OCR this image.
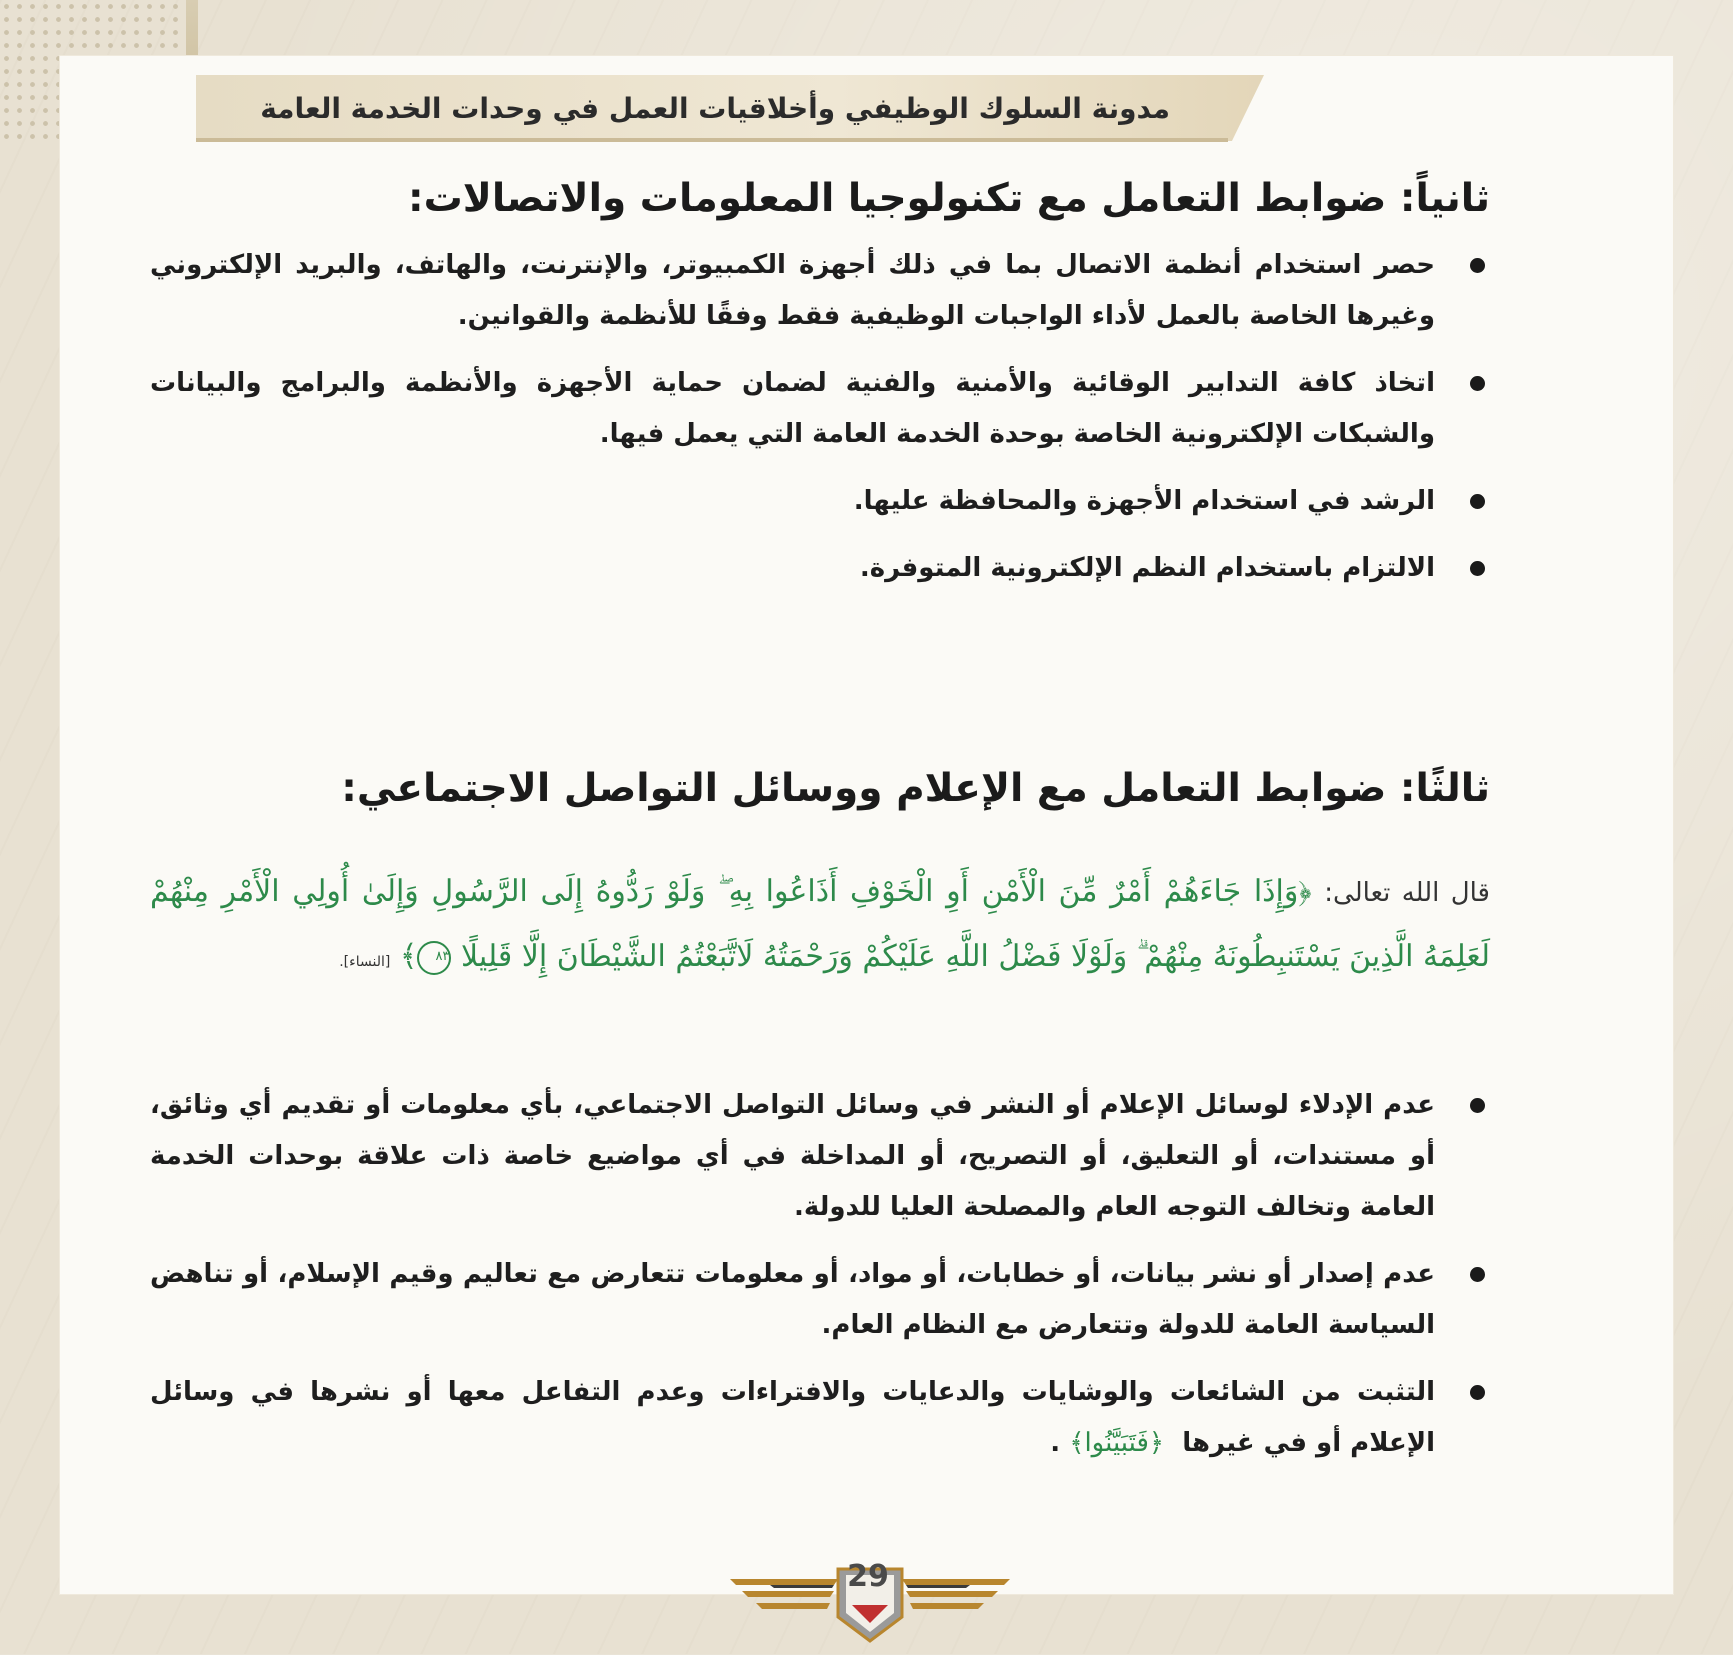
مدونة السلوك الوظيفي وأخلاقيات العمل في وحدات الخدمة العامة
ثانياً: ضوابط التعامل مع تكنولوجيا المعلومات والاتصالات:
حصر استخدام أنظمة الاتصال بما في ذلك أجهزة الكمبيوتر، والإنترنت، والهاتف، والبريد الإلكتروني وغيرها الخاصة بالعمل لأداء الواجبات الوظيفية فقط وفقًا للأنظمة والقوانين.
اتخاذ كافة التدابير الوقائية والأمنية والفنية لضمان حماية الأجهزة والأنظمة والبرامج والبيانات والشبكات الإلكترونية الخاصة بوحدة الخدمة العامة التي يعمل فيها.
الرشد في استخدام الأجهزة والمحافظة عليها.
الالتزام باستخدام النظم الإلكترونية المتوفرة.
ثالثًا: ضوابط التعامل مع الإعلام ووسائل التواصل الاجتماعي:
قال الله تعالى: ﴿وَإِذَا جَاءَهُمْ أَمْرٌ مِّنَ الْأَمْنِ أَوِ الْخَوْفِ أَذَاعُوا بِهِ ۖ وَلَوْ رَدُّوهُ إِلَى الرَّسُولِ وَإِلَىٰ أُولِي الْأَمْرِ مِنْهُمْ لَعَلِمَهُ الَّذِينَ يَسْتَنبِطُونَهُ مِنْهُمْ ۗ وَلَوْلَا فَضْلُ اللَّهِ عَلَيْكُمْ وَرَحْمَتُهُ لَاتَّبَعْتُمُ الشَّيْطَانَ إِلَّا قَلِيلًا ٨٣﴾ [النساء].
عدم الإدلاء لوسائل الإعلام أو النشر في وسائل التواصل الاجتماعي، بأي معلومات أو تقديم أي وثائق، أو مستندات، أو التعليق، أو التصريح، أو المداخلة في أي مواضيع خاصة ذات علاقة بوحدات الخدمة العامة وتخالف التوجه العام والمصلحة العليا للدولة.
عدم إصدار أو نشر بيانات، أو خطابات، أو مواد، أو معلومات تتعارض مع تعاليم وقيم الإسلام، أو تناهض السياسة العامة للدولة وتتعارض مع النظام العام.
التثبت من الشائعات والوشايات والدعايات والافتراءات وعدم التفاعل معها أو نشرها في وسائل الإعلام أو في غيرها  ﴿فَتَبَيَّنُوا﴾ .
29
